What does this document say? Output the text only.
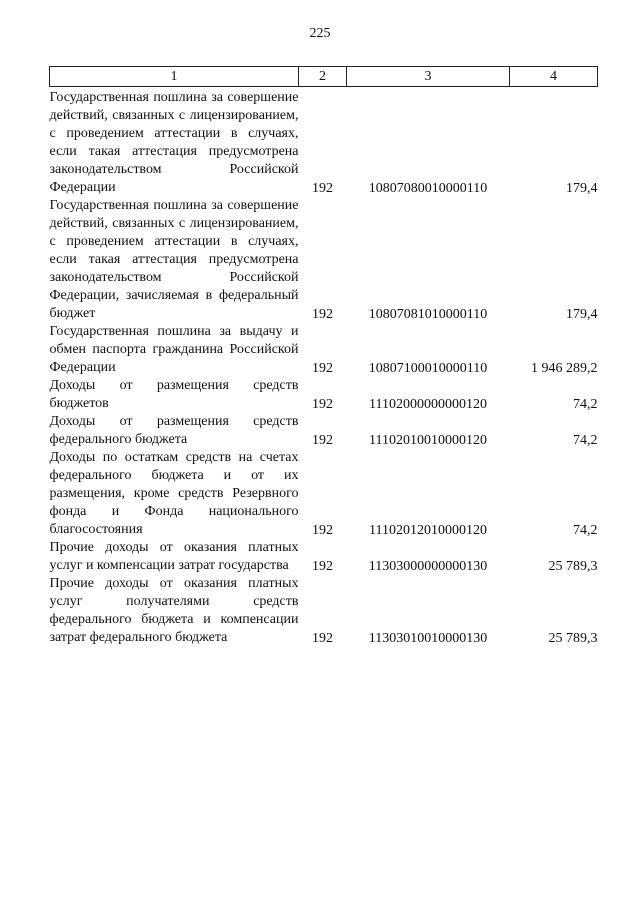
225
1	2	3	4
Государственная пошлина за совершение действий, связанных с лицензированием, с проведением аттестации в случаях, если такая аттестация предусмотрена законодательством Российской Федерации	192	10807080010000110	179,4
Государственная пошлина за совершение действий, связанных с лицензированием, с проведением аттестации в случаях, если такая аттестация предусмотрена законодательством Российской Федерации, зачисляемая в федеральный бюджет	192	10807081010000110	179,4
Государственная пошлина за выдачу и обмен паспорта гражданина Российской Федерации	192	10807100010000110	1 946 289,2
Доходы от размещения средств бюджетов	192	11102000000000120	74,2
Доходы от размещения средств федерального бюджета	192	11102010010000120	74,2
Доходы по остаткам средств на счетах федерального бюджета и от их размещения, кроме средств Резервного фонда и Фонда национального благосостояния	192	11102012010000120	74,2
Прочие доходы от оказания платных услуг и компенсации затрат государства	192	11303000000000130	25 789,3
Прочие доходы от оказания платных услуг получателями средств федерального бюджета и компенсации затрат федерального бюджета	192	11303010010000130	25 789,3
